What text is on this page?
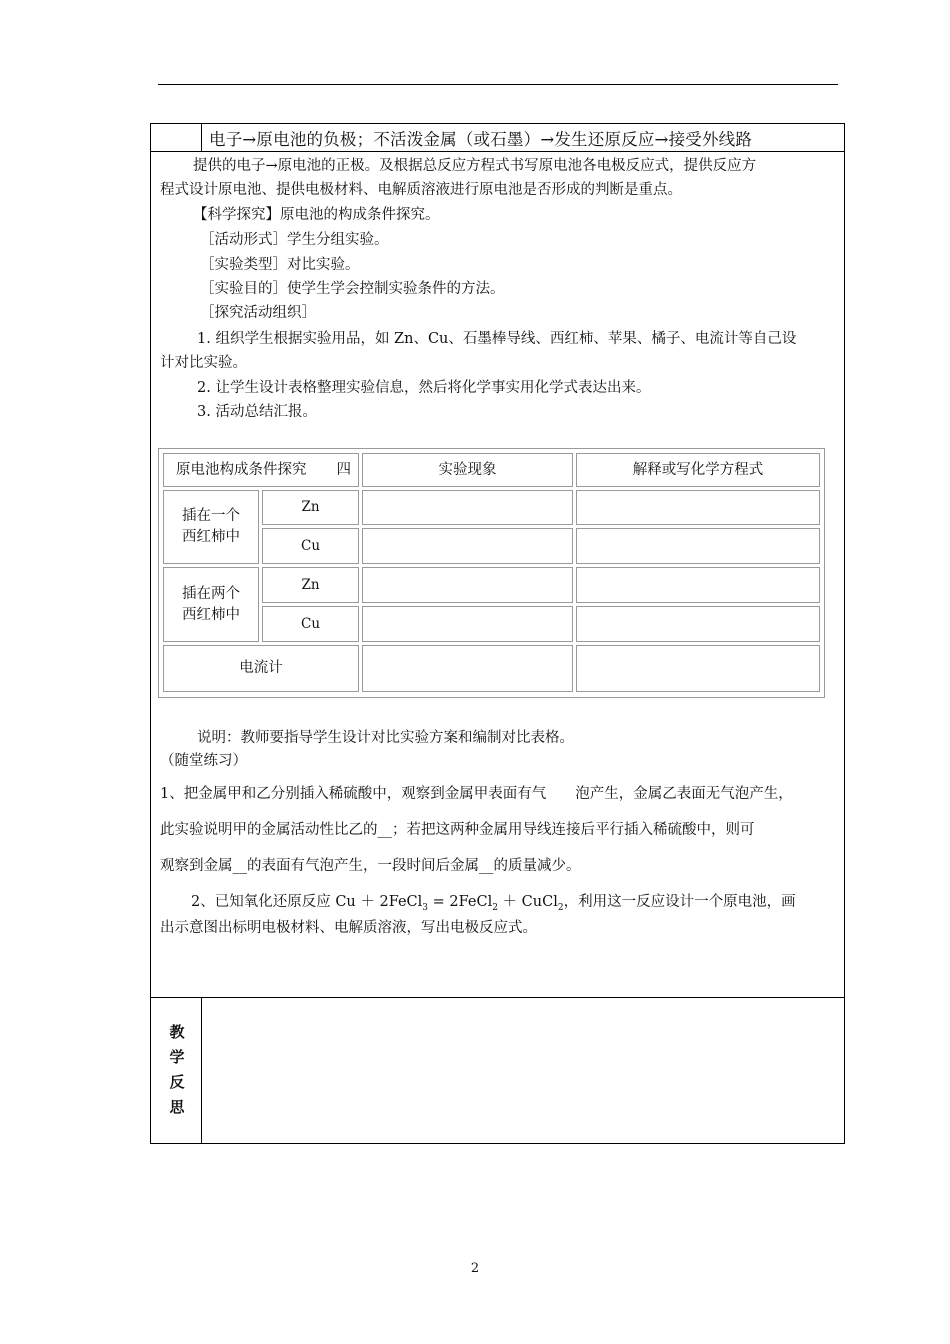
电子→原电池的负极；不活泼金属（或石墨）→发生还原反应→接受外线路
提供的电子→原电池的正极。及根据总反应方程式书写原电池各电极反应式，提供反应方
程式设计原电池、提供电极材料、电解质溶液进行原电池是否形成的判断是重点。
【科学探究】原电池的构成条件探究。
［活动形式］学生分组实验。
［实验类型］对比实验。
［实验目的］使学生学会控制实验条件的方法。
［探究活动组织］
1. 组织学生根据实验用品，如 Zn、Cu、石墨棒导线、西红柿、苹果、橘子、电流计等自己设
计对比实验。
2. 让学生设计表格整理实验信息，然后将化学事实用化学式表达出来。
3. 活动总结汇报。
原电池构成条件探究 四	实验现象	解释或写化学方程式
插在一个
西红柿中
Zn
Cu
插在两个
西红柿中
Zn
Cu
电流计
说明：教师要指导学生设计对比实验方案和编制对比表格。
（随堂练习）
1、把金属甲和乙分别插入稀硫酸中，观察到金属甲表面有气　　泡产生，金属乙表面无气泡产生，
此实验说明甲的金属活动性比乙的__；若把这两种金属用导线连接后平行插入稀硫酸中，则可
观察到金属__的表面有气泡产生，一段时间后金属__的质量减少。
2、已知氧化还原反应 Cu ＋ 2FeCl$_3$ = 2FeCl$_2$ ＋ CuCl$_2$，利用这一反应设计一个原电池，画
出示意图出标明电极材料、电解质溶液，写出电极反应式。
教
学
反
思
2
